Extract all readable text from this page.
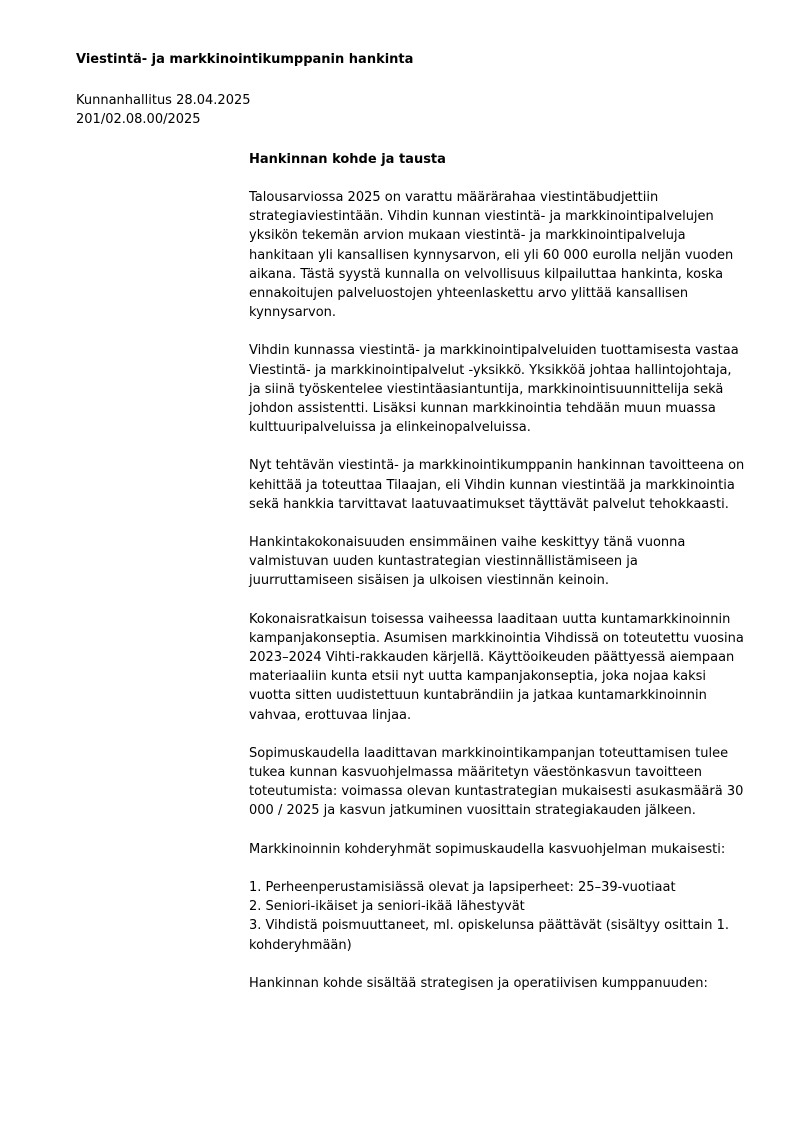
Viestintä- ja markkinointikumppanin hankinta
Kunnanhallitus 28.04.2025
201/02.08.00/2025
Hankinnan kohde ja tausta

Talousarviossa 2025 on varattu määrärahaa viestintäbudjettiin strategiaviestintään. Vihdin kunnan viestintä- ja markkinointipalvelujen yksikön tekemän arvion mukaan viestintä- ja markkinointipalveluja hankitaan yli kansallisen kynnysarvon, eli yli 60 000 eurolla neljän vuoden aikana. Tästä syystä kunnalla on velvollisuus kilpailuttaa hankinta, koska ennakoitujen palveluostojen yhteenlaskettu arvo ylittää kansallisen kynnysarvon.

Vihdin kunnassa viestintä- ja markkinointipalveluiden tuottamisesta vastaa Viestintä- ja markkinointipalvelut -yksikkö. Yksikköä johtaa hallintojohtaja, ja siinä työskentelee viestintäasiantuntija, markkinointisuunnittelija sekä johdon assistentti. Lisäksi kunnan markkinointia tehdään muun muassa kulttuuripalveluissa ja elinkeinopalveluissa.

Nyt tehtävän viestintä- ja markkinointikumppanin hankinnan tavoitteena on kehittää ja toteuttaa Tilaajan, eli Vihdin kunnan viestintää ja markkinointia sekä hankkia tarvittavat laatuvaatimukset täyttävät palvelut tehokkaasti.

Hankintakokonaisuuden ensimmäinen vaihe keskittyy tänä vuonna valmistuvan uuden kuntastrategian viestinnällistämiseen ja juurruttamiseen sisäisen ja ulkoisen viestinnän keinoin.

Kokonaisratkaisun toisessa vaiheessa laaditaan uutta kuntamarkkinoinnin kampanjakonseptia. Asumisen markkinointia Vihdissä on toteutettu vuosina 2023–2024 Vihti-rakkauden kärjellä. Käyttöoikeuden päättyessä aiempaan materiaaliin kunta etsii nyt uutta kampanjakonseptia, joka nojaa kaksi vuotta sitten uudistettuun kuntabrändiin ja jatkaa kuntamarkkinoinnin vahvaa, erottuvaa linjaa.

Sopimuskaudella laadittavan markkinointikampanjan toteuttamisen tulee tukea kunnan kasvuohjelmassa määritetyn väestönkasvun tavoitteen toteutumista: voimassa olevan kuntastrategian mukaisesti asukasmäärä 30 000 / 2025 ja kasvun jatkuminen vuosittain strategiakauden jälkeen.

Markkinoinnin kohderyhmät sopimuskaudella kasvuohjelman mukaisesti:

1. Perheenperustamisiässä olevat ja lapsiperheet: 25–39-vuotiaat
2. Seniori-ikäiset ja seniori-ikää lähestyvät
3. Vihdistä poismuuttaneet, ml. opiskelunsa päättävät (sisältyy osittain 1. kohderyhmään)

Hankinnan kohde sisältää strategisen ja operatiivisen kumppanuuden:
